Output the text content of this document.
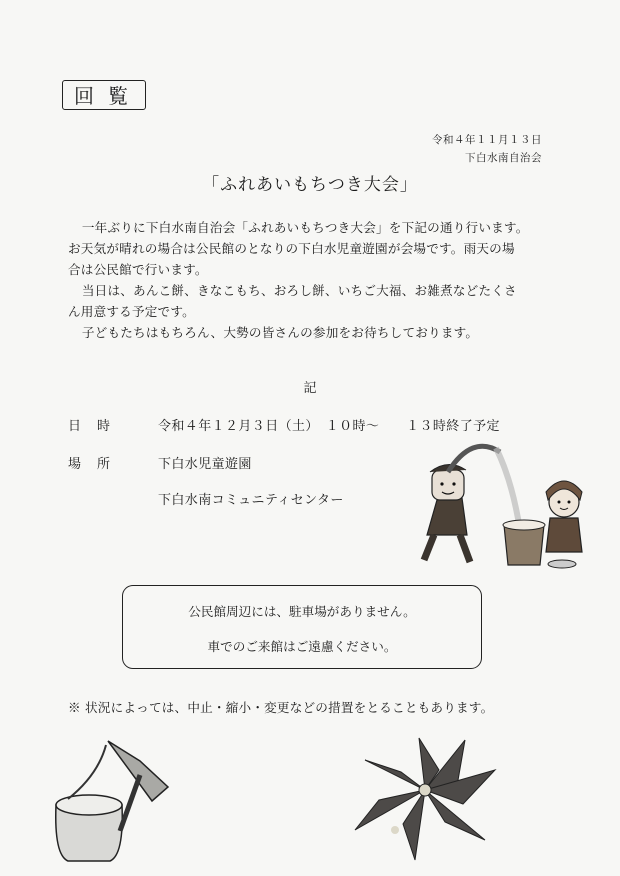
回覧
令和４年１１月１３日
下白水南自治会
「ふれあいもちつき大会」
一年ぶりに下白水南自治会「ふれあいもちつき大会」を下記の通り行います。
お天気が晴れの場合は公民館のとなりの下白水児童遊園が会場です。雨天の場
合は公民館で行います。
当日は、あんこ餅、きなこもち、おろし餅、いちご大福、お雑煮などたくさ
ん用意する予定です。
子どもたちはもちろん、大勢の皆さんの参加をお待ちしております。
記
日時 令和４年１２月３日（土）　１０時～　　１３時終了予定
場所 下白水児童遊園
下白水南コミュニティセンター
公民館周辺には、駐車場がありません。
車でのご来館はご遠慮ください。
※ 状況によっては、中止・縮小・変更などの措置をとることもあります。
